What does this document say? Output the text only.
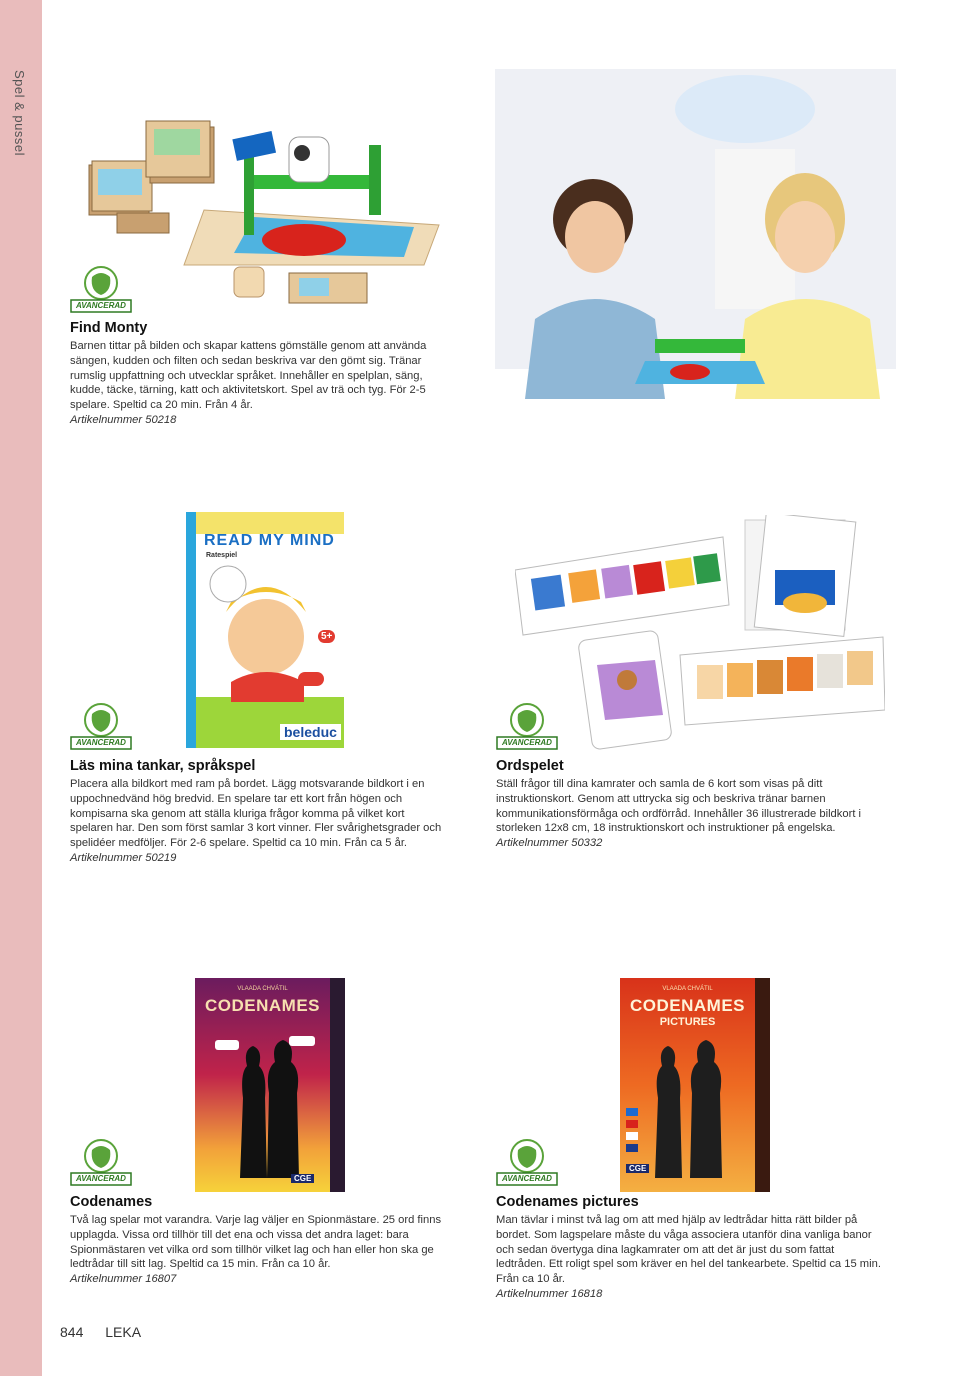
Spel & pussel
AVANCERAD
Find Monty

Barnen tittar på bilden och skapar kattens gömställe genom att använda sängen, kudden och filten och sedan beskriva var den gömt sig. Tränar rumslig uppfattning och utvecklar språket. Innehåller en spelplan, säng, kudde, täcke, tärning, katt och aktivitetskort. Spel av trä och tyg. För 2-5 spelare. Speltid ca 20 min. Från 4 år.

Artikelnummer 50218
READ MY MIND
Ratespiel
5+
beleduc
AVANCERAD
Läs mina tankar, språkspel

Placera alla bildkort med ram på bordet. Lägg motsvarande bildkort i en uppochnedvänd hög bredvid. En spelare tar ett kort från högen och kompisarna ska genom att ställa kluriga frågor komma på vilket kort spelaren har. Den som först samlar 3 kort vinner. Fler svårighetsgrader och spelidéer medföljer. För 2-6 spelare. Speltid ca 10 min. Från ca 5 år.

Artikelnummer 50219
AVANCERAD
Ordspelet

Ställ frågor till dina kamrater och samla de 6 kort som visas på ditt instruktionskort. Genom att uttrycka sig och beskriva tränar barnen kommunikationsförmåga och ordförråd. Innehåller 36 illustrerade bildkort i storleken 12x8 cm, 18 instruktionskort och instruktioner på engelska.

Artikelnummer 50332
VLAADA CHVÁTIL
CODENAMES
CGE
AVANCERAD
Codenames

Två lag spelar mot varandra. Varje lag väljer en Spionmästare. 25 ord finns upplagda. Vissa ord tillhör till det ena och vissa det andra laget: bara Spionmästaren vet vilka ord som tillhör vilket lag och han eller hon ska ge ledtrådar till sitt lag. Speltid ca 15 min. Från ca 10 år.

Artikelnummer 16807
VLAADA CHVÁTIL
CODENAMES
PICTURES
CGE
AVANCERAD
Codenames pictures

Man tävlar i minst två lag om att med hjälp av ledtrådar hitta rätt bilder på bordet. Som lagspelare måste du våga associera utanför dina vanliga banor och sedan övertyga dina lagkamrater om att det är just du som fattat ledtråden. Ett roligt spel som kräver en hel del tankearbete. Speltid ca 15 min. Från ca 10 år.

Artikelnummer 16818
844 LEKA
